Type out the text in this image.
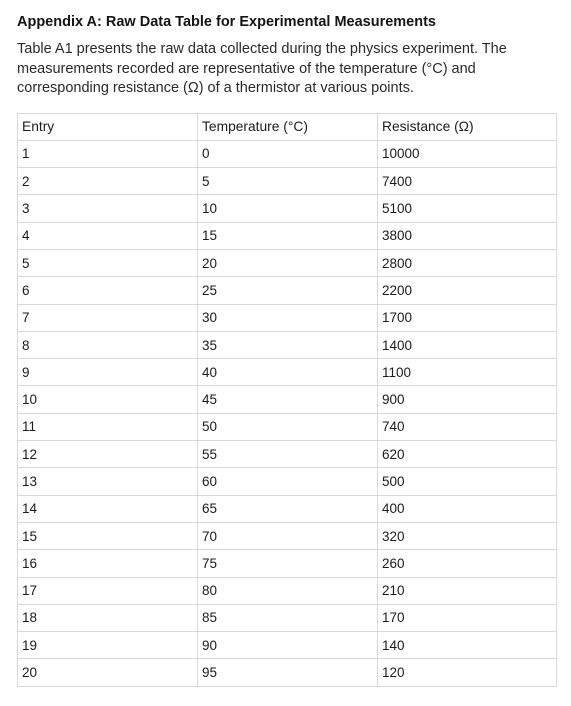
Appendix A: Raw Data Table for Experimental Measurements

Table A1 presents the raw data collected during the physics experiment. The measurements recorded are representative of the temperature (°C) and corresponding resistance (Ω) of a thermistor at various points.

Entry	Temperature (°C)	Resistance (Ω)
1	0	10000
2	5	7400
3	10	5100
4	15	3800
5	20	2800
6	25	2200
7	30	1700
8	35	1400
9	40	1100
10	45	900
11	50	740
12	55	620
13	60	500
14	65	400
15	70	320
16	75	260
17	80	210
18	85	170
19	90	140
20	95	120
